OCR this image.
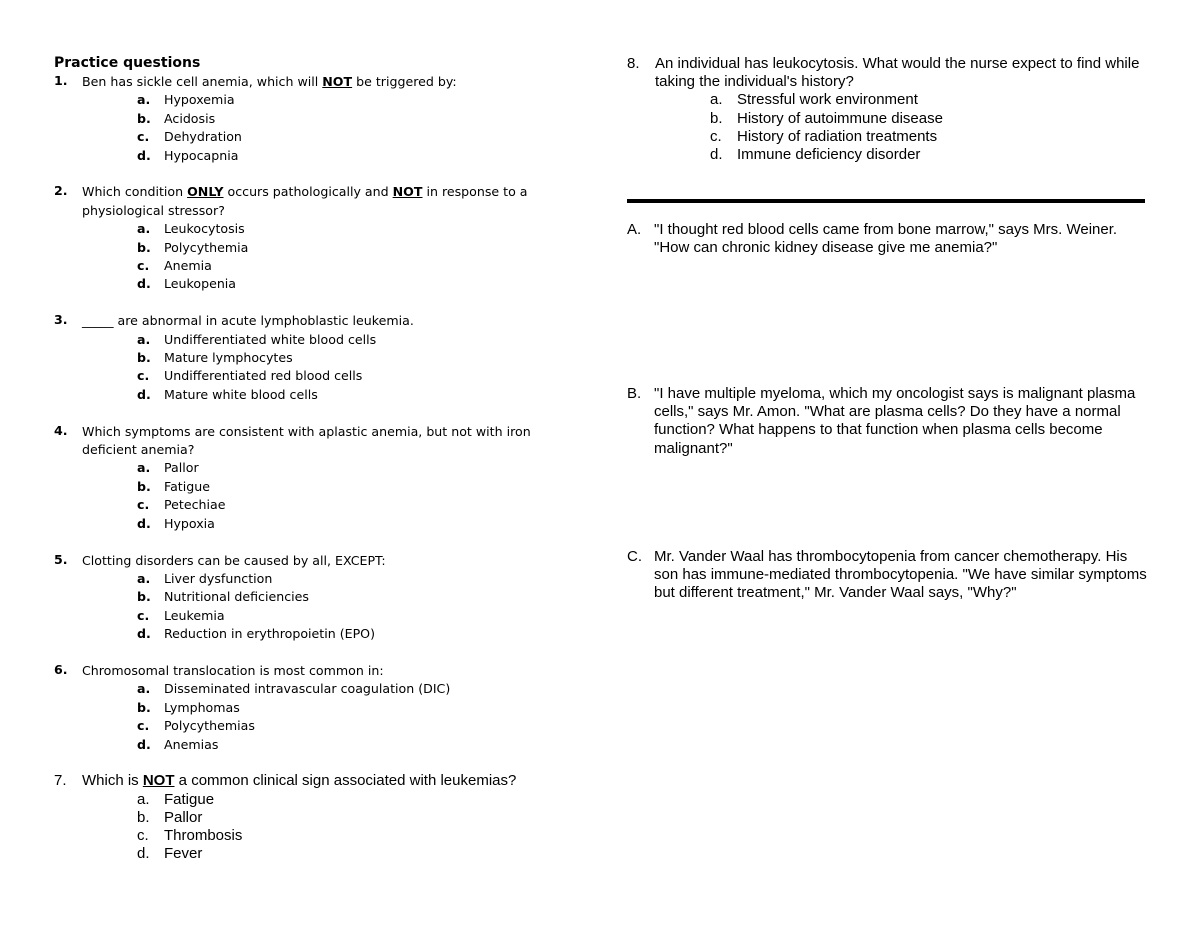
Practice questions
1. Ben has sickle cell anemia, which will NOT be triggered by:
a. Hypoxemia
b. Acidosis
c. Dehydration
d. Hypocapnia
2. Which condition ONLY occurs pathologically and NOT in response to a physiological stressor?
a. Leukocytosis
b. Polycythemia
c. Anemia
d. Leukopenia
3. _____ are abnormal in acute lymphoblastic leukemia.
a. Undifferentiated white blood cells
b. Mature lymphocytes
c. Undifferentiated red blood cells
d. Mature white blood cells
4. Which symptoms are consistent with aplastic anemia, but not with iron deficient anemia?
a. Pallor
b. Fatigue
c. Petechiae
d. Hypoxia
5. Clotting disorders can be caused by all, EXCEPT:
a. Liver dysfunction
b. Nutritional deficiencies
c. Leukemia
d. Reduction in erythropoietin (EPO)
6. Chromosomal translocation is most common in:
a. Disseminated intravascular coagulation (DIC)
b. Lymphomas
c. Polycythemias
d. Anemias
7. Which is NOT a common clinical sign associated with leukemias?
a. Fatigue
b. Pallor
c. Thrombosis
d. Fever
8. An individual has leukocytosis. What would the nurse expect to find while taking the individual's history?
a. Stressful work environment
b. History of autoimmune disease
c. History of radiation treatments
d. Immune deficiency disorder
A. "I thought red blood cells came from bone marrow," says Mrs. Weiner. "How can chronic kidney disease give me anemia?"
B. "I have multiple myeloma, which my oncologist says is malignant plasma cells," says Mr. Amon. "What are plasma cells? Do they have a normal function? What happens to that function when plasma cells become malignant?"
C. Mr. Vander Waal has thrombocytopenia from cancer chemotherapy. His son has immune-mediated thrombocytopenia. "We have similar symptoms but different treatment," Mr. Vander Waal says, "Why?"
